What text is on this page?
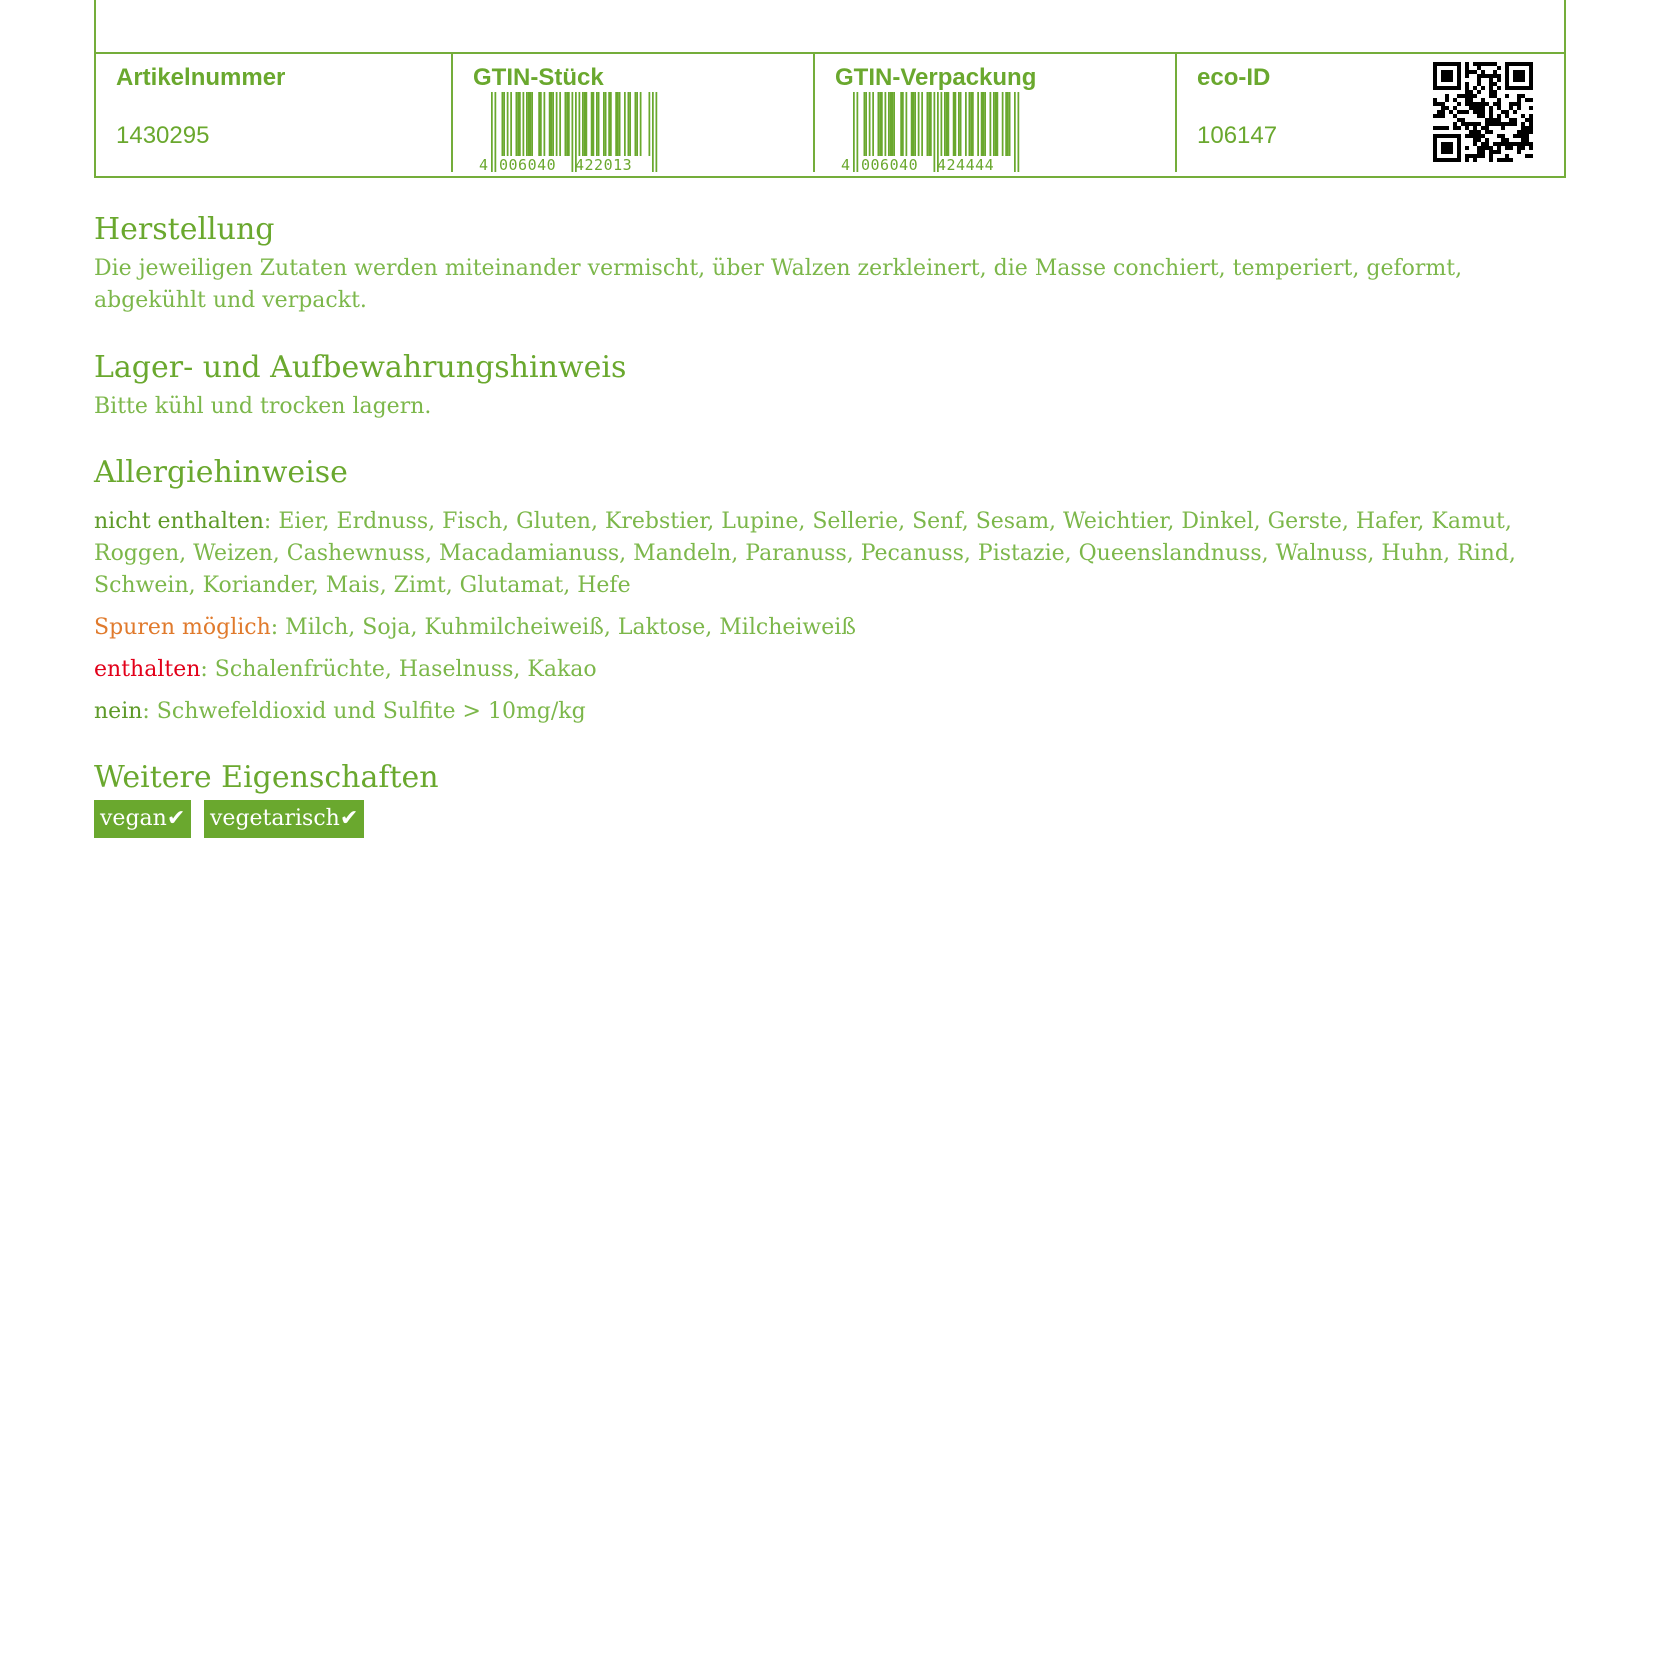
Artikelnummer
1430295
GTIN-Stück
4 006040 422013
GTIN-Verpackung
4 006040 424444
eco-ID
106147
Herstellung
Die jeweiligen Zutaten werden miteinander vermischt, über Walzen zerkleinert, die Masse conchiert, temperiert, geformt, abgekühlt und verpackt.
Lager- und Aufbewahrungshinweis
Bitte kühl und trocken lagern.
Allergiehinweise
nicht enthalten: Eier, Erdnuss, Fisch, Gluten, Krebstier, Lupine, Sellerie, Senf, Sesam, Weichtier, Dinkel, Gerste, Hafer, Kamut, Roggen, Weizen, Cashewnuss, Macadamianuss, Mandeln, Paranuss, Pecanuss, Pistazie, Queenslandnuss, Walnuss, Huhn, Rind, Schwein, Koriander, Mais, Zimt, Glutamat, Hefe
Spuren möglich: Milch, Soja, Kuhmilcheiweiß, Laktose, Milcheiweiß
enthalten: Schalenfrüchte, Haselnuss, Kakao
nein: Schwefeldioxid und Sulfite > 10mg/kg
Weitere Eigenschaften
vegan✔ vegetarisch✔
